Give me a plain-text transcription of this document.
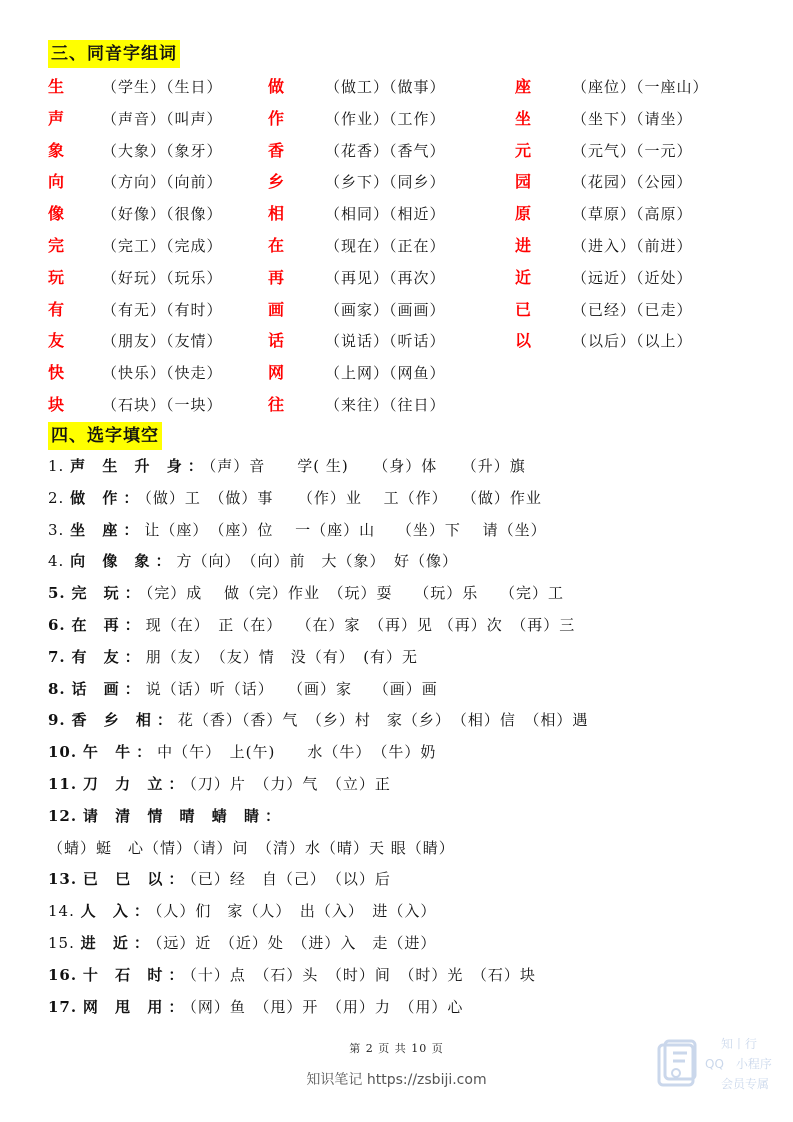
三、同音字组词
生	（学生）（生日）	做	（做工）（做事）	座	（座位）（一座山）
声	（声音）（叫声）	作	（作业）（工作）	坐	（坐下）（请坐）
象	（大象）（象牙）	香	（花香）（香气）	元	（元气）（一元）
向	（方向）（向前）	乡	（乡下）（同乡）	园	（花园）（公园）
像	（好像）（很像）	相	（相同）（相近）	原	（草原）（高原）
完	（完工）（完成）	在	（现在）（正在）	进	（进入）（前进）
玩	（好玩）（玩乐）	再	（再见）（再次）	近	（远近）（近处）
有	（有无）（有时）	画	（画家）（画画）	已	（已经）（已走）
友	（朋友）（友情）	话	（说话）（听话）	以	（以后）（以上）
快	（快乐）（快走）	网	（上网）（网鱼）
块	（石块）（一块）	往	（来往）（往日）
四、选字填空
1. 声 生 升 身：（声）音　　学( 生)　　（身）体　　（升）旗
2. 做 作：（做）工　（做）事　　（作）业　 工（作）　 （做）作业
3. 坐 座：让（座）　（座）位　 一（座）山　 （坐）下　 请（坐）
4. 向 像 象：方（向）　（向）前　大（象）　好（像）
5. 完 玩：（完）成　 做（完）作业　（玩）耍　 （玩）乐　 （完）工
6. 在 再：现（在）　正（在）　 （在）家　（再）见 （再）次　（再）三
7. 有 友：朋（友）　（友）情　没（有）　(有）无
8. 话 画：说（话）听（话）　 （画）家　 （画）画
9. 香 乡 相：花（香）（香）气　（乡）村　家（乡）　（相）信　（相）遇
10. 午 牛：中（午）　上(午)　　水（牛）　（牛）奶
11. 刀 力 立：（刀）片　（力）气　（立）正
12. 请 清 情 晴 蜻 睛：
（蜻）蜓　心（情）（请）问　（清）水（晴）天 眼（睛）
13. 已 巳 以：（已）经　自（己）　（以）后
14. 人 入：（人）们　家（人）　出（入）　进（入）
15. 进 近：（远）近　（近）处　（进）入　走（进）
16. 十 石 时：（十）点　（石）头　（时）间　（时）光　（石）块
17. 网 甩 用：（网）鱼　（甩）开　（用）力　（用）心
第 2 页 共 10 页
知识笔记 https://zsbiji.com
知丨行
QQ　小程序
会员专属
